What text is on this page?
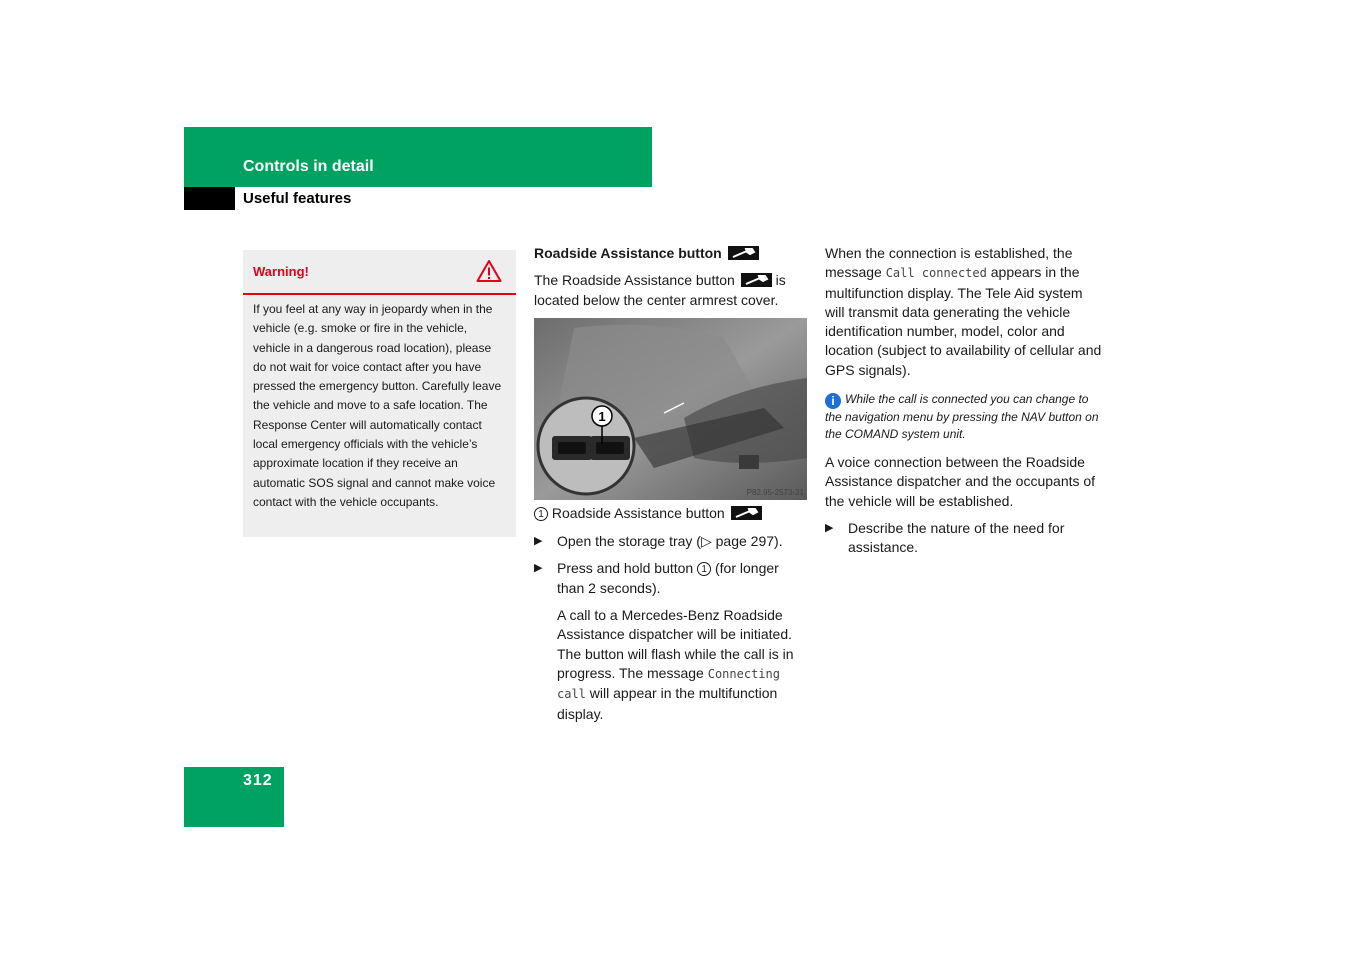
Controls in detail
Useful features
Warning!
If you feel at any way in jeopardy when in the vehicle (e.g. smoke or fire in the vehicle, vehicle in a dangerous road location), please do not wait for voice contact after you have pressed the emergency button. Carefully leave the vehicle and move to a safe location. The Response Center will automatically contact local emergency officials with the vehicle’s approximate location if they receive an automatic SOS signal and cannot make voice contact with the vehicle occupants.

Roadside Assistance button

The Roadside Assistance button	is located below the center armrest cover.

1
P82.95-2573-31

1 Roadside Assistance button

▶ Open the storage tray (▷ page 297).

▶ Press and hold button 1 (for longer than 2 seconds).

A call to a Mercedes-Benz Roadside Assistance dispatcher will be initiated. The button will flash while the call is in progress. The message Connecting call will appear in the multifunction display.

When the connection is established, the message Call connected appears in the multifunction display. The Tele Aid system will transmit data generating the vehicle identification number, model, color and location (subject to availability of cellular and GPS signals).

i While the call is connected you can change to the navigation menu by pressing the NAV button on the COMAND system unit.

A voice connection between the Roadside Assistance dispatcher and the occupants of the vehicle will be established.

▶ Describe the nature of the need for assistance.

312
